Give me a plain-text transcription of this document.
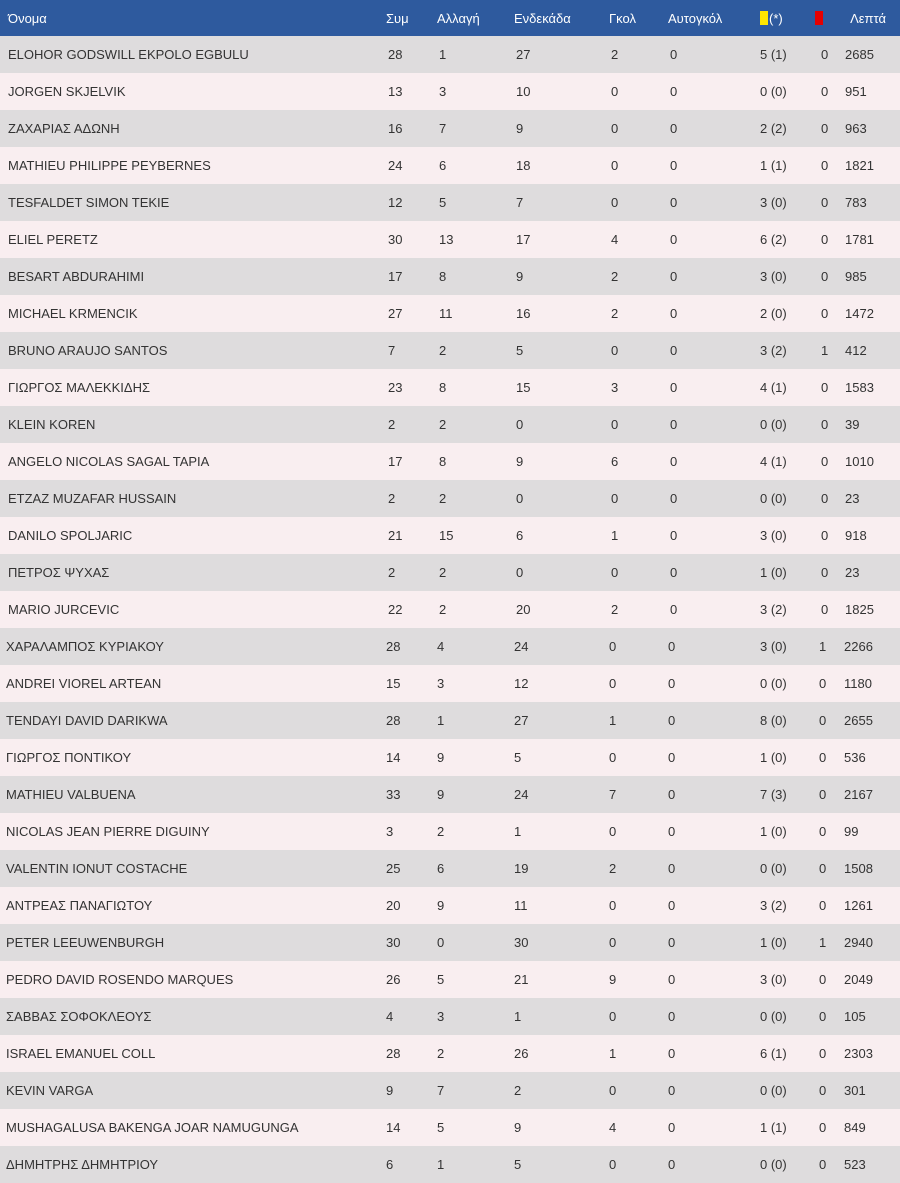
Όνομα	Συμ	Αλλαγή	Ενδεκάδα	Γκολ	Αυτογκόλ	(*)		Λεπτά
ELOHOR GODSWILL EKPOLO EGBULU	28	1	27	2	0	5 (1)	0	2685
JORGEN SKJELVIK	13	3	10	0	0	0 (0)	0	951
ΖΑΧΑΡΙΑΣ ΑΔΩΝΗ	16	7	9	0	0	2 (2)	0	963
MATHIEU PHILIPPE PEYBERNES	24	6	18	0	0	1 (1)	0	1821
TESFALDET SIMON TEKIE	12	5	7	0	0	3 (0)	0	783
ELIEL PERETZ	30	13	17	4	0	6 (2)	0	1781
BESART ABDURAHIMI	17	8	9	2	0	3 (0)	0	985
MICHAEL KRMENCIK	27	11	16	2	0	2 (0)	0	1472
BRUNO ARAUJO SANTOS	7	2	5	0	0	3 (2)	1	412
ΓΙΩΡΓΟΣ ΜΑΛΕΚΚΙΔΗΣ	23	8	15	3	0	4 (1)	0	1583
KLEIN KOREN	2	2	0	0	0	0 (0)	0	39
ANGELO NICOLAS SAGAL TAPIA	17	8	9	6	0	4 (1)	0	1010
ETZAZ MUZAFAR HUSSAIN	2	2	0	0	0	0 (0)	0	23
DANILO SPOLJARIC	21	15	6	1	0	3 (0)	0	918
ΠΕΤΡΟΣ ΨΥΧΑΣ	2	2	0	0	0	1 (0)	0	23
MARIO JURCEVIC	22	2	20	2	0	3 (2)	0	1825
ΧΑΡΑΛΑΜΠΟΣ ΚΥΡΙΑΚΟΥ	28	4	24	0	0	3 (0)	1	2266
ANDREI VIOREL ARTEAN	15	3	12	0	0	0 (0)	0	1180
TENDAYI DAVID DARIKWA	28	1	27	1	0	8 (0)	0	2655
ΓΙΩΡΓΟΣ ΠΟΝΤΙΚΟΥ	14	9	5	0	0	1 (0)	0	536
MATHIEU VALBUENA	33	9	24	7	0	7 (3)	0	2167
NICOLAS JEAN PIERRE DIGUINY	3	2	1	0	0	1 (0)	0	99
VALENTIN IONUT COSTACHE	25	6	19	2	0	0 (0)	0	1508
ΑΝΤΡΕΑΣ ΠΑΝΑΓΙΩΤΟΥ	20	9	11	0	0	3 (2)	0	1261
PETER LEEUWENBURGH	30	0	30	0	0	1 (0)	1	2940
PEDRO DAVID ROSENDO MARQUES	26	5	21	9	0	3 (0)	0	2049
ΣΑΒΒΑΣ ΣΟΦΟΚΛΕΟΥΣ	4	3	1	0	0	0 (0)	0	105
ISRAEL EMANUEL COLL	28	2	26	1	0	6 (1)	0	2303
KEVIN VARGA	9	7	2	0	0	0 (0)	0	301
MUSHAGALUSA BAKENGA JOAR NAMUGUNGA	14	5	9	4	0	1 (1)	0	849
ΔΗΜΗΤΡΗΣ ΔΗΜΗΤΡΙΟΥ	6	1	5	0	0	0 (0)	0	523
